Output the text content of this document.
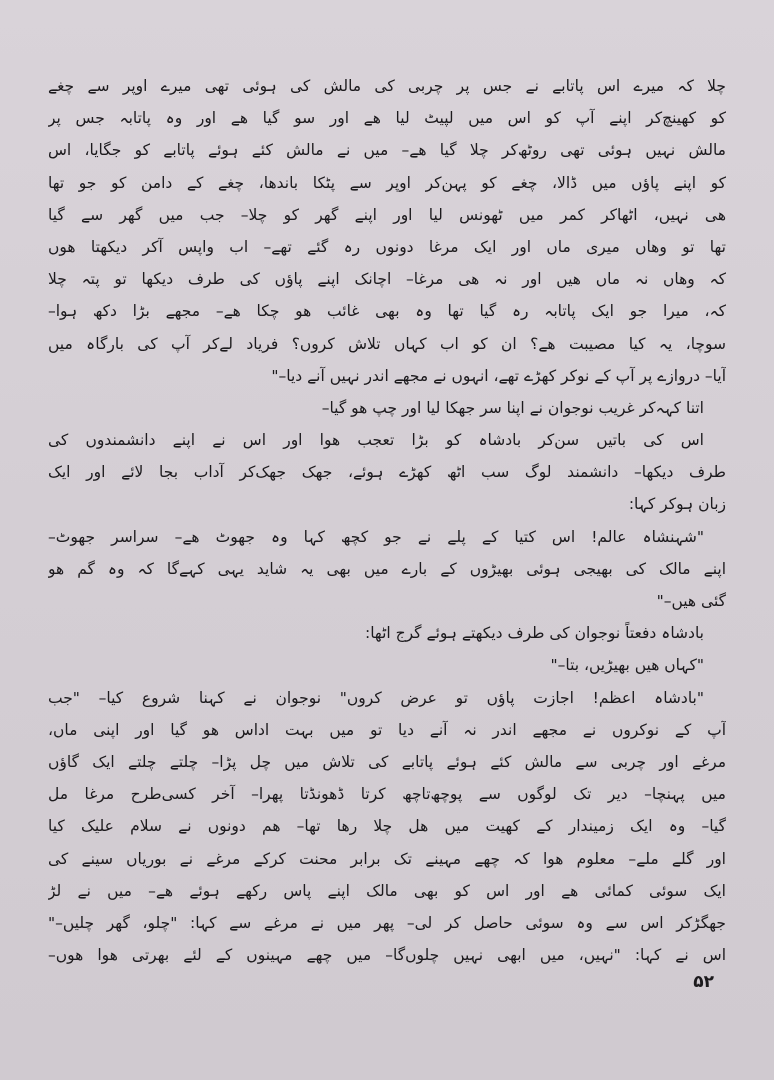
چلا کہ میرے اس پاتابے نے جس پر چربی کی مالش کی ہوئی تھی میرے اوپر سے چغے
کو کھینچ‌کر اپنے آپ کو اس میں لپیٹ لیا ھے اور سو گیا ھے اور وہ پاتابہ جس پر
مالش نہیں ہوئی تھی روٹھ‌کر چلا گیا ھے– میں نے مالش کئے ہوئے پاتابے کو جگایا، اس
کو اپنے پاؤں میں ڈالا، چغے کو پہن‌کر اوپر سے پٹکا باندھا، چغے کے دامن کو جو تھا
ھی نہیں، اٹھاکر کمر میں ٹھونس لیا اور اپنے گھر کو چلا– جب میں گھر سے گیا
تھا تو وھاں میری ماں اور ایک مرغا دونوں رہ گئے تھے– اب واپس آکر دیکھتا ھوں
کہ وھاں نہ ماں ھیں اور نہ ھی مرغا– اچانک اپنے پاؤں کی طرف دیکھا تو پتہ چلا
کہ، میرا جو ایک پاتابہ رہ گیا تھا وہ بھی غائب ھو چکا ھے– مجھے بڑا دکھ ہوا–
سوچا، یہ کیا مصیبت ھے؟ ان کو اب کہاں تلاش کروں؟ فریاد لےکر آپ کی بارگاہ میں
آیا– دروازے پر آپ کے نوکر کھڑے تھے، انہوں نے مجھے اندر نہیں آنے دیا–"
اتنا کہہ‌کر غریب نوجوان نے اپنا سر جھکا لیا اور چپ ھو گیا–
اس کی باتیں سن‌کر بادشاہ کو بڑا تعجب ھوا اور اس نے اپنے دانشمندوں کی
طرف دیکھا– دانشمند لوگ سب اٹھ کھڑے ہوئے، جھک جھک‌کر آداب بجا لائے اور ایک
زبان ہوکر کہا:
"شہنشاہ عالم! اس کتیا کے پلے نے جو کچھ کہا وہ جھوٹ ھے– سراسر جھوٹ–
اپنے مالک کی بھیجی ہوئی بھیڑوں کے بارے میں بھی یہ شاید یہی کہےگا کہ وہ گم ھو
گئی ھیں–"
بادشاہ دفعتاً نوجوان کی طرف دیکھتے ہوئے گرج اٹھا:
"کہاں ھیں بھیڑیں، بتا–"
"بادشاہ اعظم! اجازت پاؤں تو عرض کروں" نوجوان نے کہنا شروع کیا– "جب
آپ کے نوکروں نے مجھے اندر نہ آنے دیا تو میں بہت اداس ھو گیا اور اپنی ماں،
مرغے اور چربی سے مالش کئے ہوئے پاتابے کی تلاش میں چل پڑا– چلتے چلتے ایک گاؤں
میں پہنچا– دیر تک لوگوں سے پوچھ‌تاچھ کرتا ڈھونڈتا پھرا– آخر کسی‌طرح مرغا مل
گیا– وہ ایک زمیندار کے کھیت میں ھل چلا رھا تھا– ھم دونوں نے سلام علیک کیا
اور گلے ملے– معلوم ھوا کہ چھے مہینے تک برابر محنت کرکے مرغے نے بوریاں سینے کی
ایک سوئی کمائی ھے اور اس کو بھی مالک اپنے پاس رکھے ہوئے ھے– میں نے لڑ
جھگڑکر اس سے وہ سوئی حاصل کر لی– پھر میں نے مرغے سے کہا: "چلو، گھر چلیں–"
اس نے کہا: "نہیں، میں ابھی نہیں چلوں‌گا– میں چھے مہینوں کے لئے بھرتی ھوا ھوں–
۵۲
